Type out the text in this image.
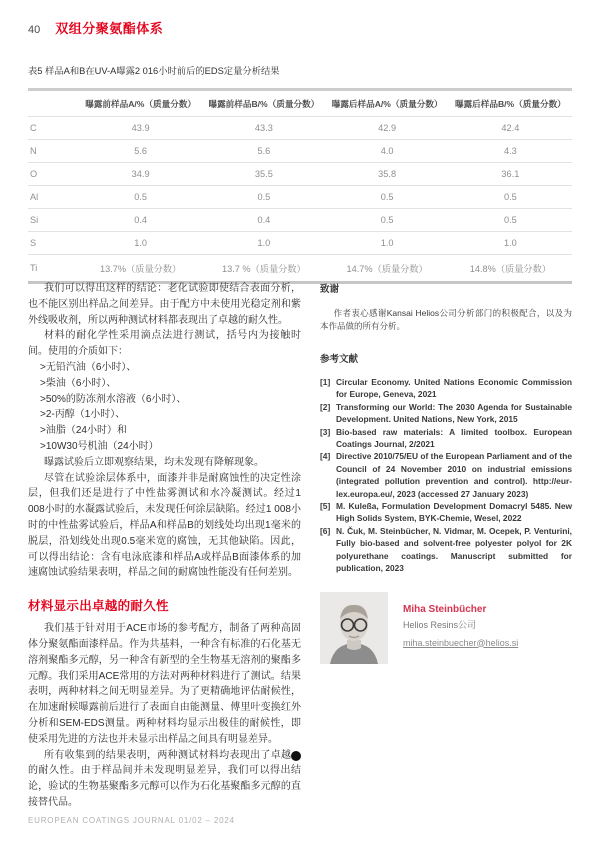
40 双组分聚氨酯体系
表5 样品A和B在UV-A曝露2 016小时前后的EDS定量分析结果
	曝露前样品A/%（质量分数）	曝露前样品B/%（质量分数）	曝露后样品A/%（质量分数）	曝露后样品B/%（质量分数）
C	43.9	43.3	42.9	42.4
N	5.6	5.6	4.0	4.3
O	34.9	35.5	35.8	36.1
Al	0.5	0.5	0.5	0.5
Si	0.4	0.4	0.5	0.5
S	1.0	1.0	1.0	1.0
Ti	13.7%（质量分数）	13.7 %（质量分数）	14.7%（质量分数）	14.8%（质量分数）

我们可以得出这样的结论：老化试验即使结合表面分析，也不能区别出样品之间差异。由于配方中未使用光稳定剂和紫外线吸收剂，所以两种测试材料都表现出了卓越的耐久性。

材料的耐化学性采用滴点法进行测试，括号内为接触时间。使用的介质如下：

>无铅汽油（6小时）、
>柴油（6小时）、
>50%的防冻剂水溶液（6小时）、
>2-丙醇（1小时）、
>油脂（24小时）和
>10W30号机油（24小时）

曝露试验后立即观察结果，均未发现有降解现象。

尽管在试验涂层体系中，面漆并非是耐腐蚀性的决定性涂层，但我们还是进行了中性盐雾测试和水冷凝测试。经过1 008小时的水凝露试验后，未发现任何涂层缺陷。经过1 008小时的中性盐雾试验后，样品A和样品B的划线处均出现1毫米的脱层，沿划线处出现0.5毫米宽的腐蚀，无其他缺陷。因此，可以得出结论：含有电泳底漆和样品A或样品B面漆体系的加速腐蚀试验结果表明，样品之间的耐腐蚀性能没有任何差别。

材料显示出卓越的耐久性

我们基于针对用于ACE市场的参考配方，制备了两种高固体分聚氨酯面漆样品。作为共基料，一种含有标准的石化基无溶剂聚酯多元醇，另一种含有新型的全生物基无溶剂的聚酯多元醇。我们采用ACE常用的方法对两种材料进行了测试。结果表明，两种材料之间无明显差异。为了更精确地评估耐候性，在加速耐候曝露前后进行了表面自由能测量、傅里叶变换红外分析和SEM-EDS测量。两种材料均显示出极佳的耐候性，即使采用先进的方法也并未显示出样品之间具有明显差异。

‹
所有收集到的结果表明，两种测试材料均表现出了卓越的耐久性。由于样品间并未发现明显差异，我们可以得出结论，验试的生物基聚酯多元醇可以作为石化基聚酯多元醇的直接替代品。

致谢

作者衷心感谢Kansai Helios公司分析部门的积极配合，以及为本作品做的所有分析。

参考文献
[1] Circular Economy. United Nations Economic Commission for Europe, Geneva, 2021
[2] Transforming our World: The 2030 Agenda for Sustainable Development. United Nations, New York, 2015
[3] Bio-based raw materials: A limited toolbox. European Coatings Journal, 2/2021
[4] Directive 2010/75/EU of the European Parliament and of the Council of 24 November 2010 on industrial emissions (integrated pollution prevention and control). http://eur-lex.europa.eu/, 2023 (accessed 27 January 2023)
[5] M. Kuleßa, Formulation Development Domacryl 5485. New High Solids System, BYK-Chemie, Wesel, 2022
[6] N. Čuk, M. Steinbücher, N. Vidmar, M. Ocepek, P. Venturini, Fully bio-based and solvent-free polyester polyol for 2K polyurethane coatings. Manuscript submitted for publication, 2023
Miha Steinbücher
Helios Resins公司
miha.steinbuecher@helios.si
EUROPEAN COATINGS JOURNAL 01/02 – 2024
